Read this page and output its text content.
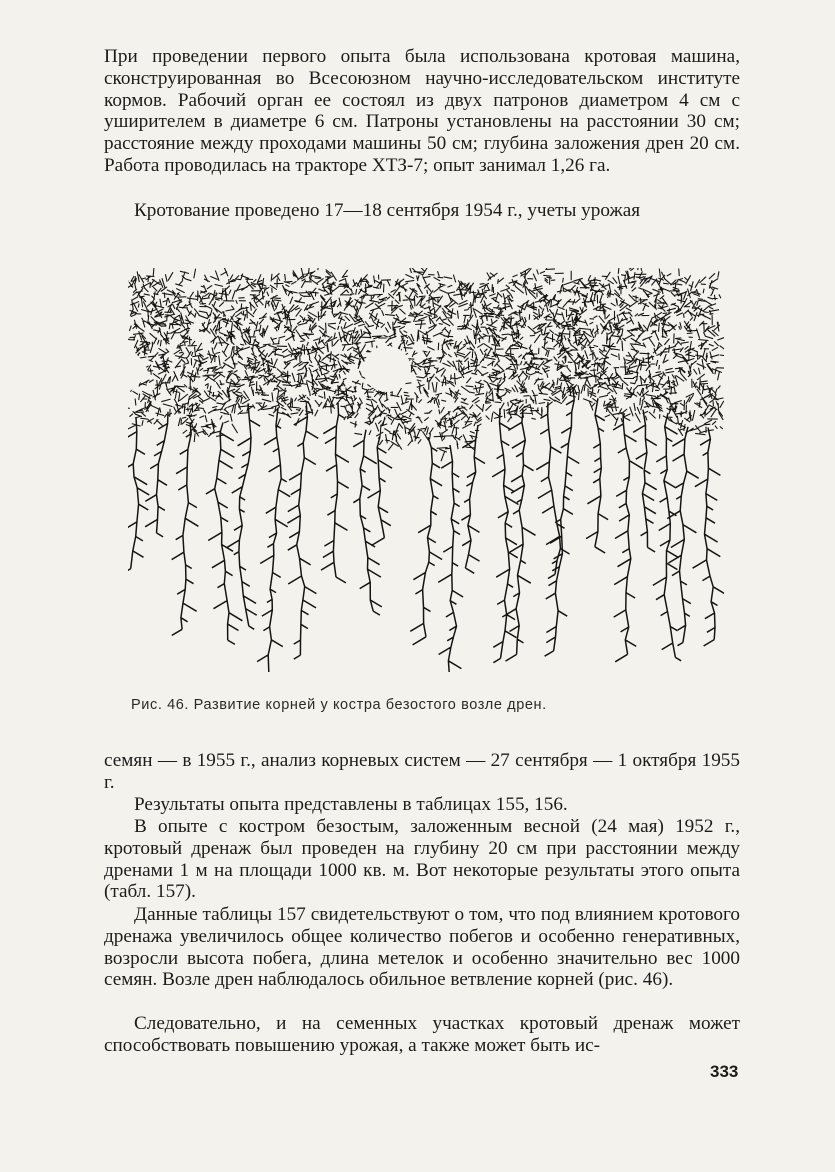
При проведении первого опыта была использована кротовая машина, сконструированная во Всесоюзном научно-исследовательском институте кормов. Рабочий орган ее состоял из двух патронов диаметром 4 см с уширителем в диаметре 6 см. Патроны установлены на расстоянии 30 см; расстояние между проходами машины 50 см; глубина заложения дрен 20 см. Работа проводилась на тракторе ХТЗ-7; опыт занимал 1,26 га.

Кротование проведено 17—18 сентября 1954 г., учеты урожая

Рис. 46. Развитие корней у костра безостого возле дрен.

семян — в 1955 г., анализ корневых систем — 27 сентября — 1 октября 1955 г.

Результаты опыта представлены в таблицах 155, 156.

В опыте с костром безостым, заложенным весной (24 мая) 1952 г., кротовый дренаж был проведен на глубину 20 см при расстоянии между дренами 1 м на площади 1000 кв. м. Вот некоторые результаты этого опыта (табл. 157).

Данные таблицы 157 свидетельствуют о том, что под влиянием кротового дренажа увеличилось общее количество побегов и особенно генеративных, возросли высота побега, длина метелок и особенно значительно вес 1000 семян. Возле дрен наблюдалось обильное ветвление корней (рис. 46).

Следовательно, и на семенных участках кротовый дренаж может способствовать повышению урожая, а также может быть ис-

333
